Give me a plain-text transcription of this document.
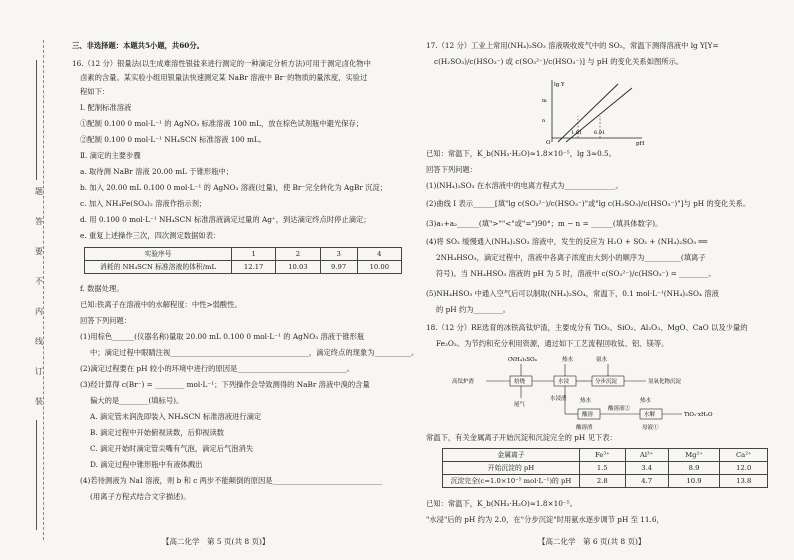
题
答
要
不
内
线
订
装
三、非选择题：本题共5小题，共60分。
16.（12 分）银量法(以生成难溶性银盐来进行测定的一种滴定分析方法)可用于测定卤化物中
卤素的含量。某实验小组用银量法快速测定某 NaBr 溶液中 Br⁻的物质的量浓度，实验过
程如下：
Ⅰ. 配制标准溶液
①配制 0.100 0 mol·L⁻¹ 的 AgNO₃ 标准溶液 100 mL，放在棕色试剂瓶中避光保存；
②配制 0.100 0 mol·L⁻¹ NH₄SCN 标准溶液 100 mL。
Ⅱ. 滴定的主要步骤
a. 取待测 NaBr 溶液 20.00 mL 于锥形瓶中；
b. 加入 20.00 mL 0.100 0 mol·L⁻¹ 的 AgNO₃ 溶液(过量)，使 Br⁻完全转化为 AgBr 沉淀；
c. 加入 NH₄Fe(SO₄)₂ 溶液作指示剂；
d. 用 0.100 0 mol·L⁻¹ NH₄SCN 标准溶液滴定过量的 Ag⁺，到达滴定终点时停止滴定；
e. 重复上述操作三次，四次测定数据如表：
实验序号	1	2	3	4
消耗的 NH₄SCN 标准溶液的体积/mL	12.17	10.03	9.97	10.00
f. 数据处理。
已知:铁离子在溶液中的水解程度：中性>弱酸性。
回答下列问题：
(1)用棕色______(仪器名称)量取 20.00 mL 0.100 0 mol·L⁻¹ 的 AgNO₃ 溶液于锥形瓶
中；滴定过程中眼睛注视______________________________________，滴定终点的现象为__________。
(2)滴定过程要在 pH 较小的环境中进行的原因是______________________________。
(3)经计算得 c(Br⁻) = ________ mol·L⁻¹；下列操作会导致测得的 NaBr 溶液中溴的含量
偏大的是________(填标号)。
A. 滴定管未润洗即装入 NH₄SCN 标准溶液进行滴定
B. 滴定过程中开始俯视读数，后仰视读数
C. 滴定开始时滴定管尖嘴有气泡，滴定后气泡消失
D. 滴定过程中锥形瓶中有液体溅出
(4)若待测液为 NaI 溶液，则 b 和 c 两步不能颠倒的原因是______________________________
(用离子方程式结合文字描述)。
【高二化学　第 5 页(共 8 页)】
17.（12 分）工业上常用(NH₄)₂SO₃ 溶液吸收废气中的 SO₂，常温下测得溶液中 lg Y[Y=
c(H₂SO₃)/c(HSO₃⁻) 或 c(SO₃²⁻)/c(HSO₃⁻)] 与 pH 的变化关系如图所示。
lg Y
pH
O
1.81 6.91
m
n
已知：常温下，K_b(NH₃·H₂O)≈1.8×10⁻⁵，lg 3≈0.5。
回答下列问题：
(1)(NH₄)₂SO₃ 在水溶液中的电离方程式为______________。
(2)曲线 Ⅰ 表示______[填"lg c(SO₃²⁻)/c(HSO₃⁻)"或"lg c(H₂SO₃)/c(HSO₃⁻)"]与 pH 的变化关系。
(3)a₁+a₂______(填">""<"或"=")90°；m − n = ______(填具体数字)。
(4)将 SO₂ 缓慢通入(NH₄)₂SO₃ 溶液中，发生的反应为 H₂O + SO₂ + (NH₄)₂SO₃ ══
2NH₄HSO₃，滴定过程中，溶液中各离子浓度由大到小的顺序为__________(填离子
符号)。当 NH₄HSO₃ 溶液的 pH 为 5 时，溶液中 c(SO₃²⁻)/c(HSO₃⁻) = ________。
(5)NH₄HSO₃ 中通入空气后可以制取(NH₄)₂SO₄，常温下，0.1 mol·L⁻¹(NH₄)₂SO₄ 溶液
的 pH 约为________。
18.（12 分）RE选育的冰铁高钛炉渣，主要成分有 TiO₂、SiO₂、Al₂O₃、MgO、CaO 以及少量的
Fe₂O₃。为节约和充分利用资源，通过如下工艺流程回收钛、铝、镁等。
(NH₄)₂SO₄	热水	氨水
高钛炉渣	焙烧	水浸	分步沉淀	氢氧化物沉淀
尾气
水浸渣
酸溶
热水
酸溶渣
水解
热水
酸溶液②
TiO₂·xH₂O
母液①
常温下，有关金属离子开始沉淀和沉淀完全的 pH 见下表：
金属离子	Fe³⁺	Al³⁺	Mg²⁺	Ca²⁺
开始沉淀的 pH	1.5	3.4	8.9	12.0
沉淀完全(c=1.0×10⁻⁵ mol·L⁻¹)的 pH	2.8	4.7	10.9	13.8
已知：常温下，K_b(NH₃·H₂O)≈1.8×10⁻⁵。
"水浸"后的 pH 约为 2.0，在"分步沉淀"时用氨水逐步调节 pH 至 11.6，
【高二化学　第 6 页(共 8 页)】
